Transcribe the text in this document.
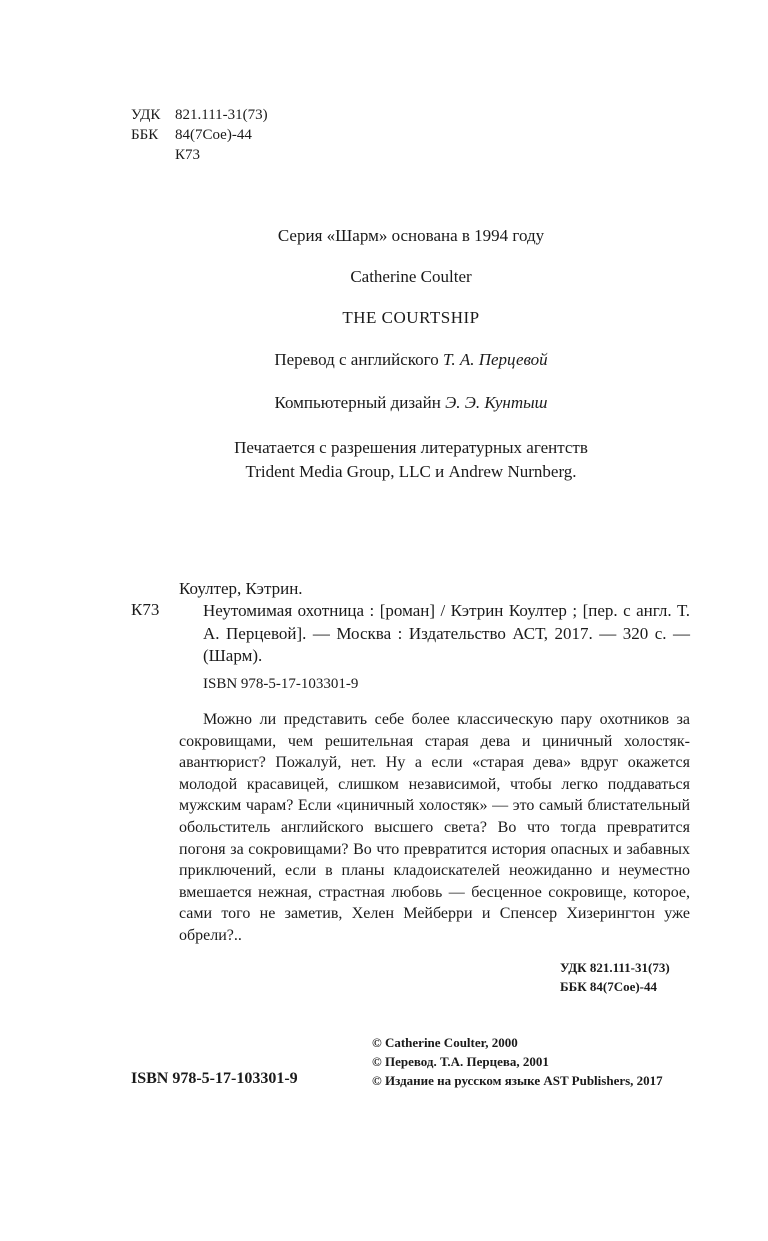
УДК 821.111-31(73)
ББК	84(7Сое)-44
К73
Серия «Шарм» основана в 1994 году
Catherine Coulter
THE COURTSHIP
Перевод с английского Т. А. Перцевой
Компьютерный дизайн Э. Э. Кунтыш
Печатается с разрешения литературных агентств
Trident Media Group, LLC и Andrew Nurnberg.
Коултер, Кэтрин.
К73	Неутомимая охотница : [роман] / Кэтрин Коултер ; [пер. с англ. Т. А. Перцевой]. — Москва : Издательство АСТ, 2017. — 320 с. — (Шарм).
ISBN 978-5-17-103301-9
Можно ли представить себе более классическую пару охотников за сокровищами, чем решительная старая дева и циничный холостяк-авантюрист? Пожалуй, нет. Ну а если «старая дева» вдруг окажется молодой красавицей, слишком независимой, чтобы легко поддаваться мужским чарам? Если «циничный холостяк» — это самый блистательный обольститель английского высшего света? Во что тогда превратится погоня за сокровищами? Во что превратится история опасных и забавных приключений, если в планы кладоискателей неожиданно и неуместно вмешается нежная, страстная любовь — бесценное сокровище, которое, сами того не заметив, Хелен Мейберри и Спенсер Хизерингтон уже обрели?..
УДК 821.111-31(73)
ББК 84(7Сое)-44
ISBN 978-5-17-103301-9
© Catherine Coulter, 2000
© Перевод. Т.А. Перцева, 2001
© Издание на русском языке AST Publishers, 2017
